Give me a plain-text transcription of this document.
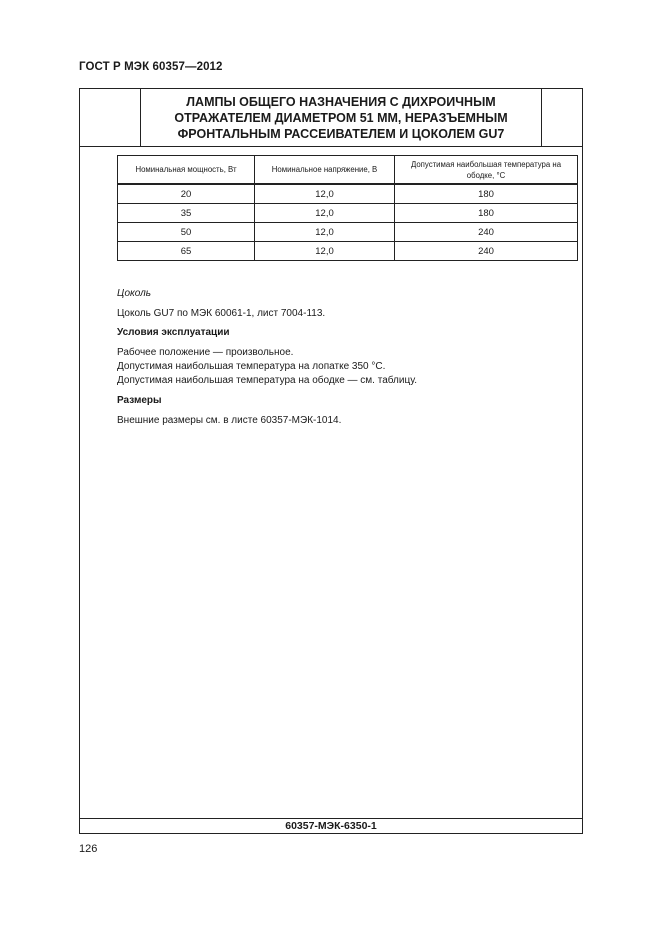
ГОСТ Р МЭК 60357—2012
ЛАМПЫ ОБЩЕГО НАЗНАЧЕНИЯ С ДИХРОИЧНЫМ
ОТРАЖАТЕЛЕМ ДИАМЕТРОМ 51 ММ, НЕРАЗЪЕМНЫМ
ФРОНТАЛЬНЫМ РАССЕИВАТЕЛЕМ И ЦОКОЛЕМ GU7
Номинальная мощность, Вт	Номинальное напряжение, В	Допустимая наибольшая температура на ободке, °С
20	12,0	180
35	12,0	180
50	12,0	240
65	12,0	240
Цоколь
Цоколь GU7 по МЭК 60061-1, лист 7004-113.
Условия эксплуатации
Рабочее положение — произвольное.
Допустимая наибольшая температура на лопатке 350 °С.
Допустимая наибольшая температура на ободке — см. таблицу.
Размеры
Внешние размеры см. в листе 60357-МЭК-1014.
60357-МЭК-6350-1
126
